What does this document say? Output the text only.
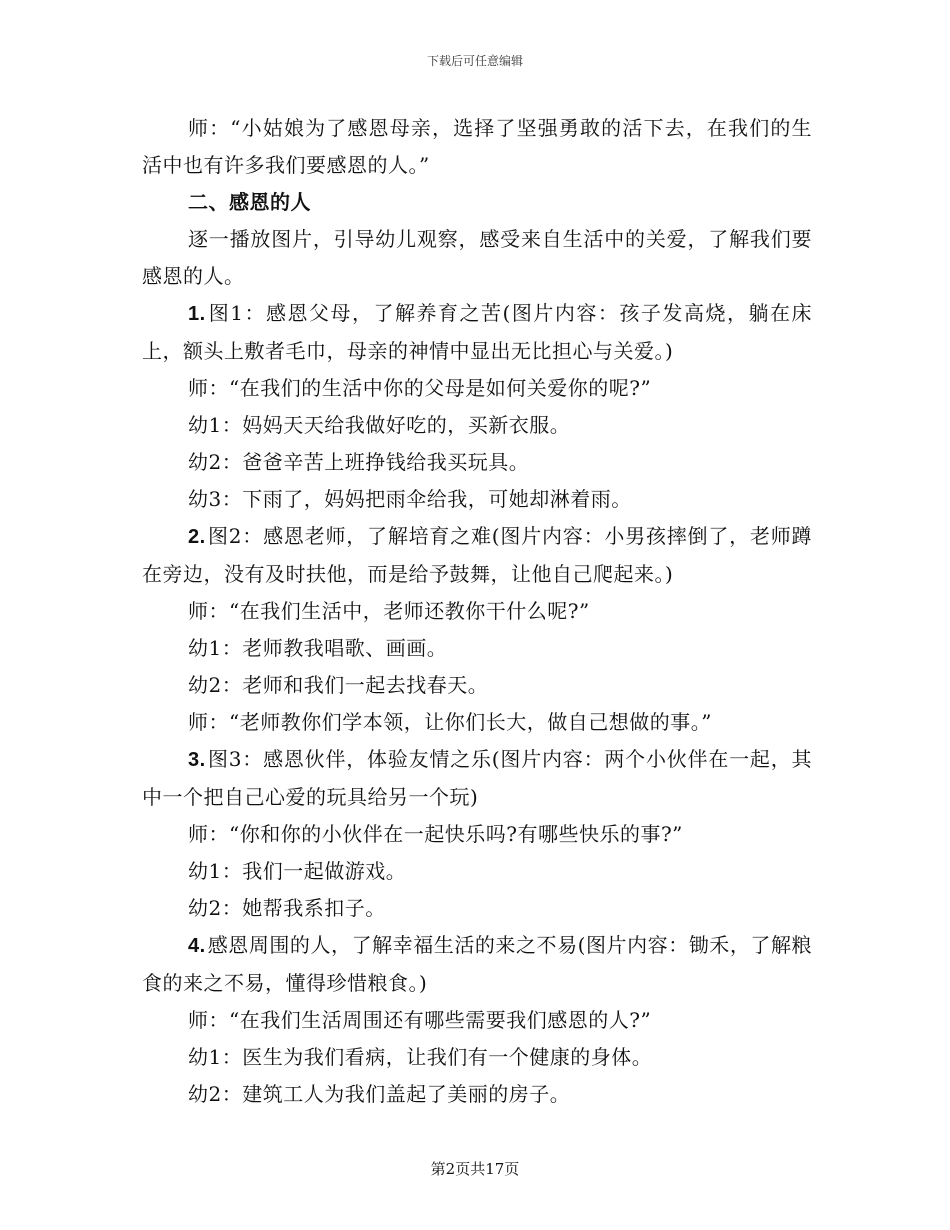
下载后可任意编辑

师：“小姑娘为了感恩母亲，选择了坚强勇敢的活下去，在我们的生活中也有许多我们要感恩的人。”

二、感恩的人

逐一播放图片，引导幼儿观察，感受来自生活中的关爱，了解我们要感恩的人。

1. 图1：感恩父母，了解养育之苦(图片内容：孩子发高烧，躺在床上，额头上敷者毛巾，母亲的神情中显出无比担心与关爱。)

师：“在我们的生活中你的父母是如何关爱你的呢?”

幼1：妈妈天天给我做好吃的，买新衣服。

幼2：爸爸辛苦上班挣钱给我买玩具。

幼3：下雨了，妈妈把雨伞给我，可她却淋着雨。

2. 图2：感恩老师，了解培育之难(图片内容：小男孩摔倒了，老师蹲在旁边，没有及时扶他，而是给予鼓舞，让他自己爬起来。)

师：“在我们生活中，老师还教你干什么呢?”

幼1：老师教我唱歌、画画。

幼2：老师和我们一起去找春天。

师：“老师教你们学本领，让你们长大，做自己想做的事。”

3. 图3：感恩伙伴，体验友情之乐(图片内容：两个小伙伴在一起，其中一个把自己心爱的玩具给另一个玩)

师：“你和你的小伙伴在一起快乐吗?有哪些快乐的事?”

幼1：我们一起做游戏。

幼2：她帮我系扣子。

4. 感恩周围的人，了解幸福生活的来之不易(图片内容：锄禾，了解粮食的来之不易，懂得珍惜粮食。)

师：“在我们生活周围还有哪些需要我们感恩的人?”

幼1：医生为我们看病，让我们有一个健康的身体。

幼2：建筑工人为我们盖起了美丽的房子。

第2页共17页
